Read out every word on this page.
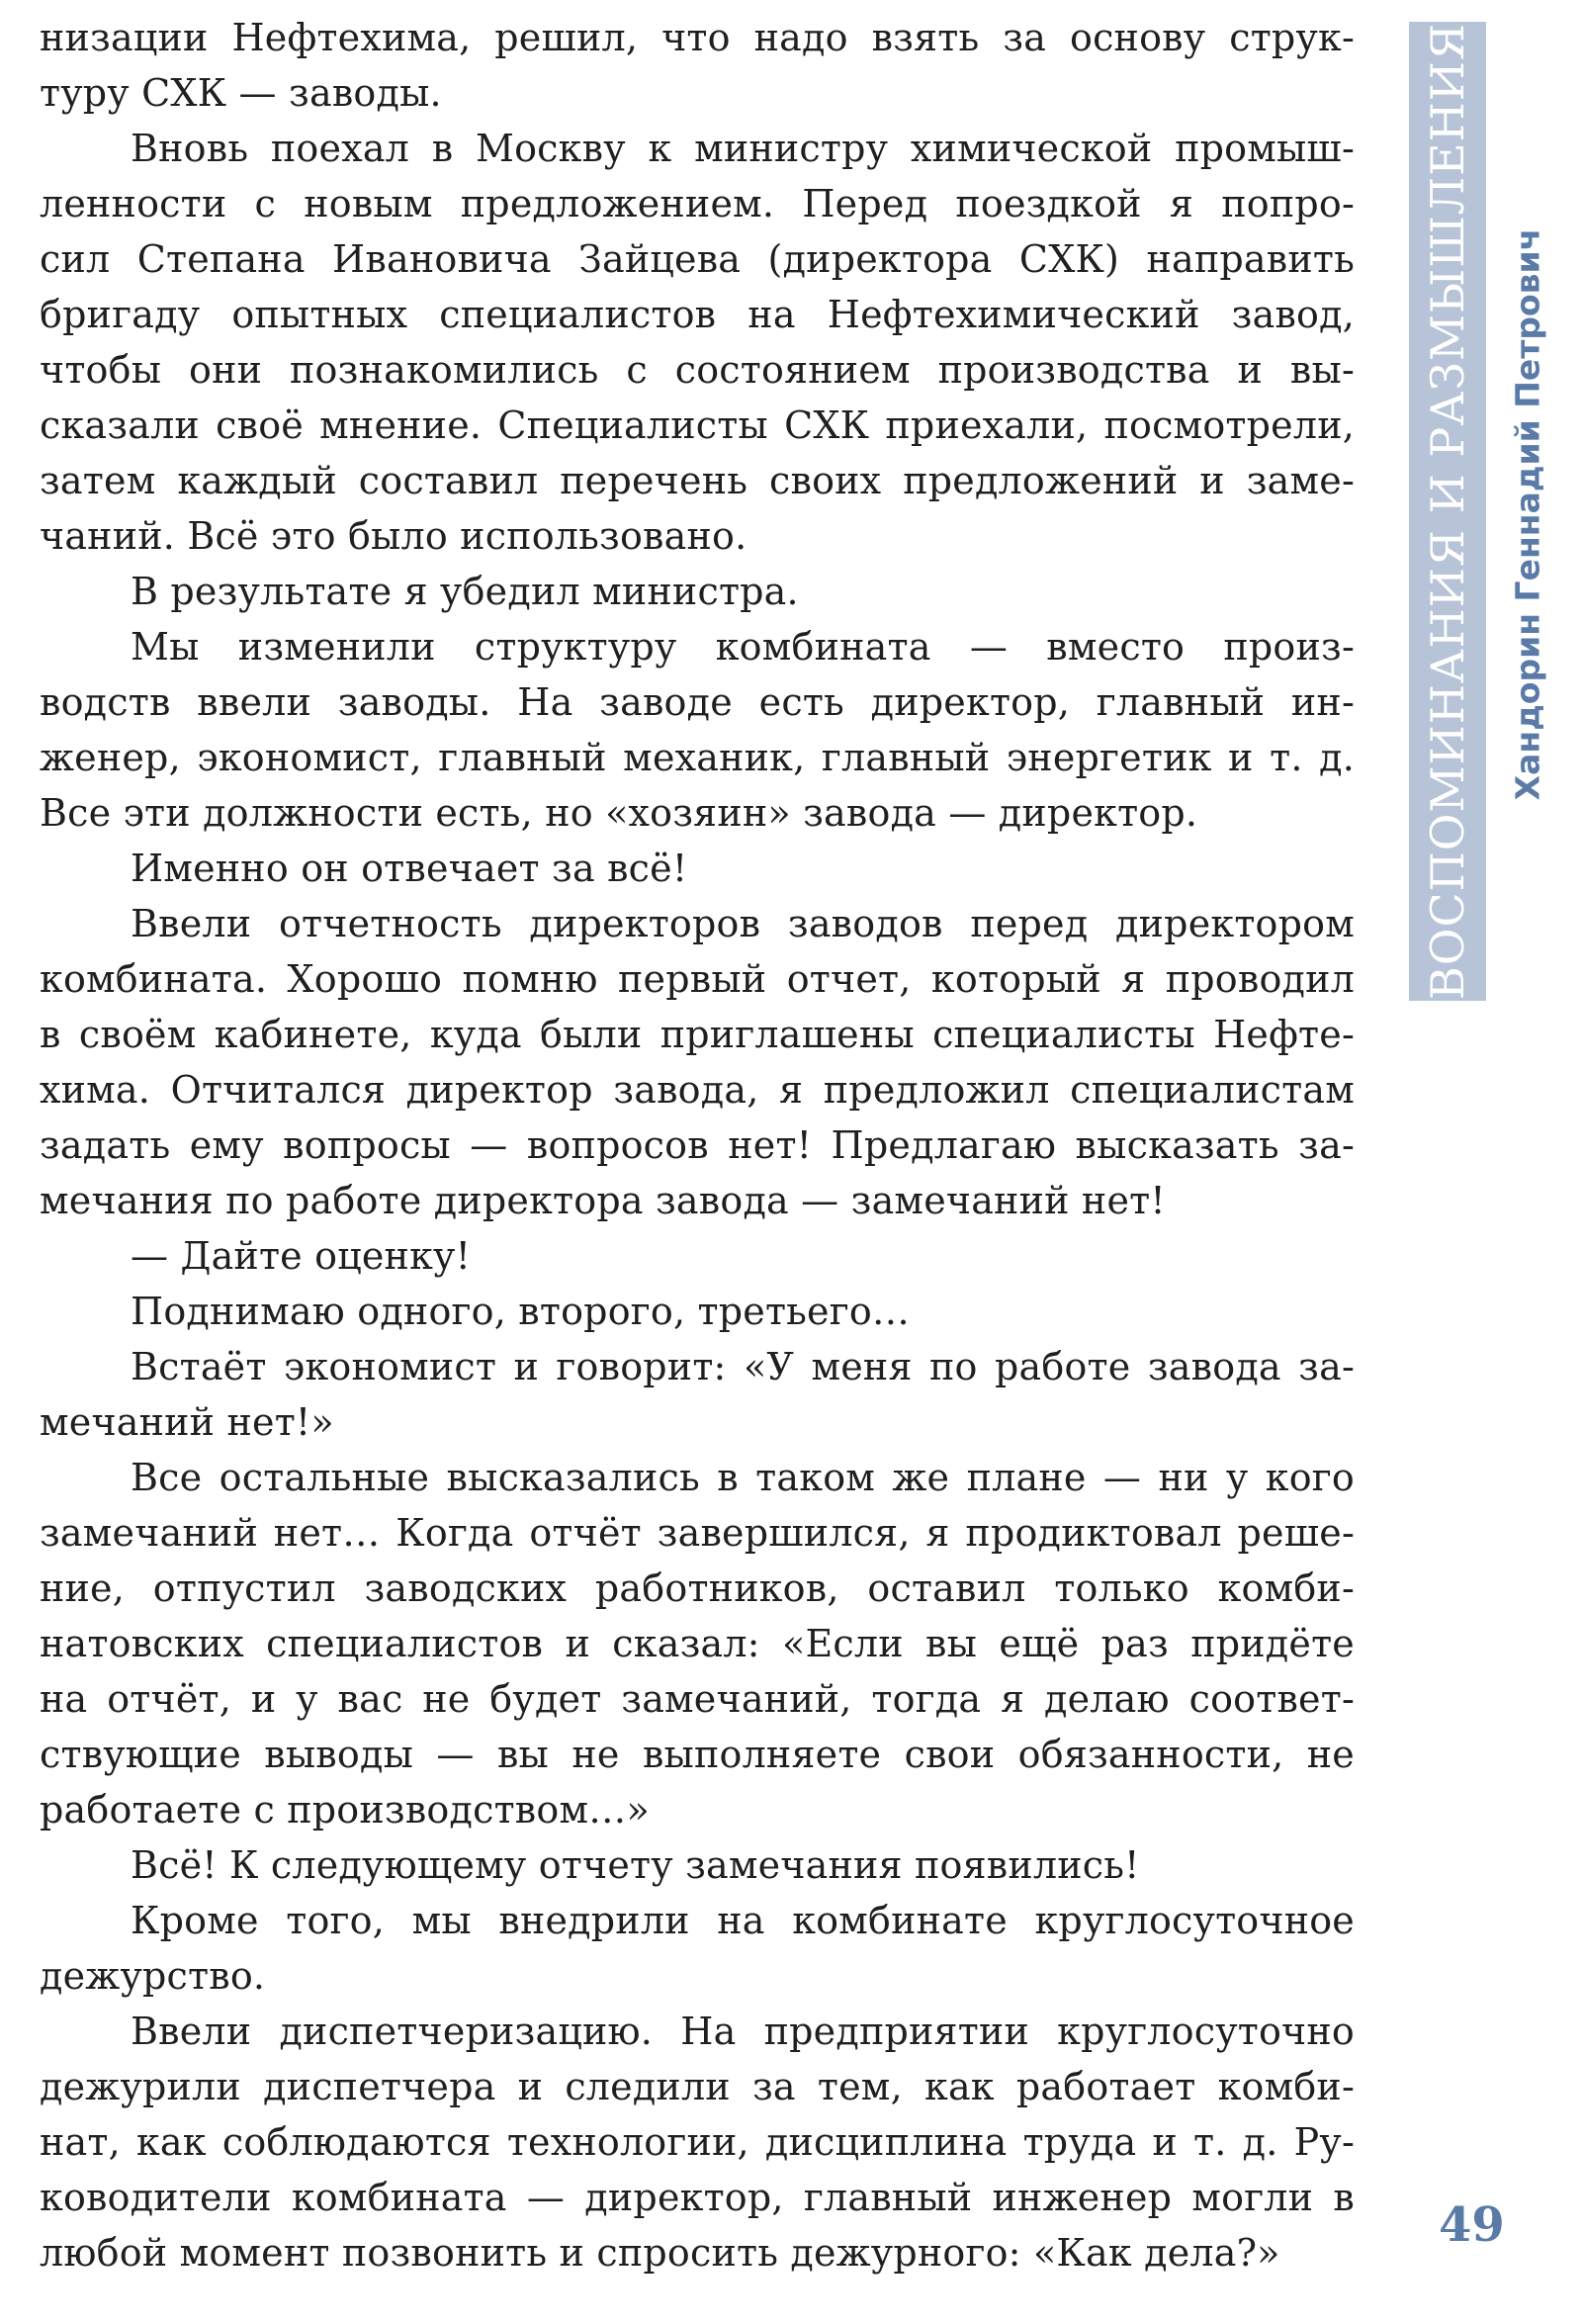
низации Нефтехима, решил, что надо взять за основу струк-
туру СХК — заводы.
Вновь поехал в Москву к министру химической промыш-
ленности с новым предложением. Перед поездкой я попро-
сил Степана Ивановича Зайцева (директора СХК) направить
бригаду опытных специалистов на Нефтехимический завод,
чтобы они познакомились с состоянием производства и вы-
сказали своё мнение. Специалисты СХК приехали, посмотрели,
затем каждый составил перечень своих предложений и заме-
чаний. Всё это было использовано.
В результате я убедил министра.
Мы изменили структуру комбината — вместо произ-
водств ввели заводы. На заводе есть директор, главный ин-
женер, экономист, главный механик, главный энергетик и т. д.
Все эти должности есть, но «хозяин» завода — директор.
Именно он отвечает за всё!
Ввели отчетность директоров заводов перед директором
комбината. Хорошо помню первый отчет, который я проводил
в своём кабинете, куда были приглашены специалисты Нефте-
хима. Отчитался директор завода, я предложил специалистам
задать ему вопросы — вопросов нет! Предлагаю высказать за-
мечания по работе директора завода — замечаний нет!
— Дайте оценку!
Поднимаю одного, второго, третьего…
Встаёт экономист и говорит: «У меня по работе завода за-
мечаний нет!»
Все остальные высказались в таком же плане — ни у кого
замечаний нет… Когда отчёт завершился, я продиктовал реше-
ние, отпустил заводских работников, оставил только комби-
натовских специалистов и сказал: «Если вы ещё раз придёте
на отчёт, и у вас не будет замечаний, тогда я делаю соответ-
ствующие выводы — вы не выполняете свои обязанности, не
работаете с производством…»
Всё! К следующему отчету замечания появились!
Кроме того, мы внедрили на комбинате круглосуточное
дежурство.
Ввели диспетчеризацию. На предприятии круглосуточно
дежурили диспетчера и следили за тем, как работает комби-
нат, как соблюдаются технологии, дисциплина труда и т. д. Ру-
ководители комбината — директор, главный инженер могли в
любой момент позвонить и спросить дежурного: «Как дела?»
ВОСПОМИНАНИЯ И РАЗМЫШЛЕНИЯ Хандорин Геннадий Петрович
49
